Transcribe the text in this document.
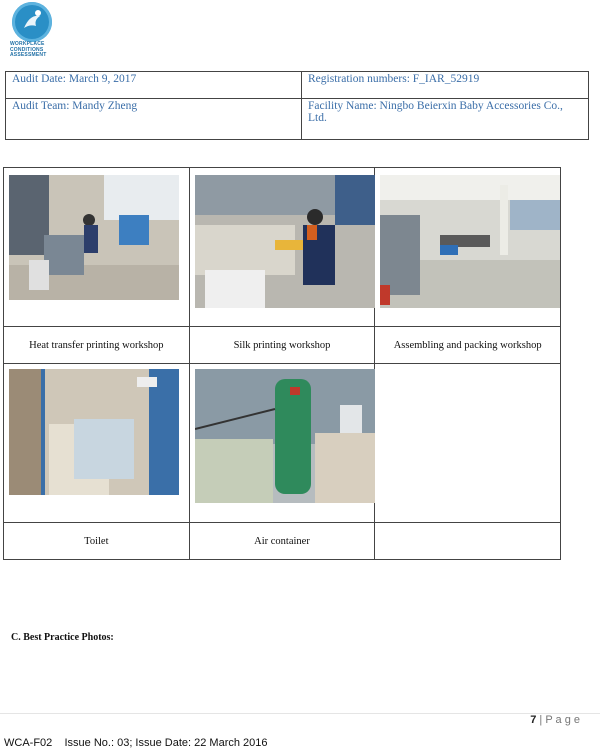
WORKPLACE
CONDITIONS
ASSESSMENT
Audit Date: March 9, 2017	Registration numbers: F_IAR_52919
Audit Team: Mandy Zheng	Facility Name: Ningbo Beierxin Baby Accessories Co., Ltd.

Heat transfer printing workshop	Silk printing workshop	Assembling and packing workshop

Toilet	Air container	
C. Best Practice Photos:
7 | P a g e
WCA-F02    Issue No.: 03; Issue Date: 22 March 2016
